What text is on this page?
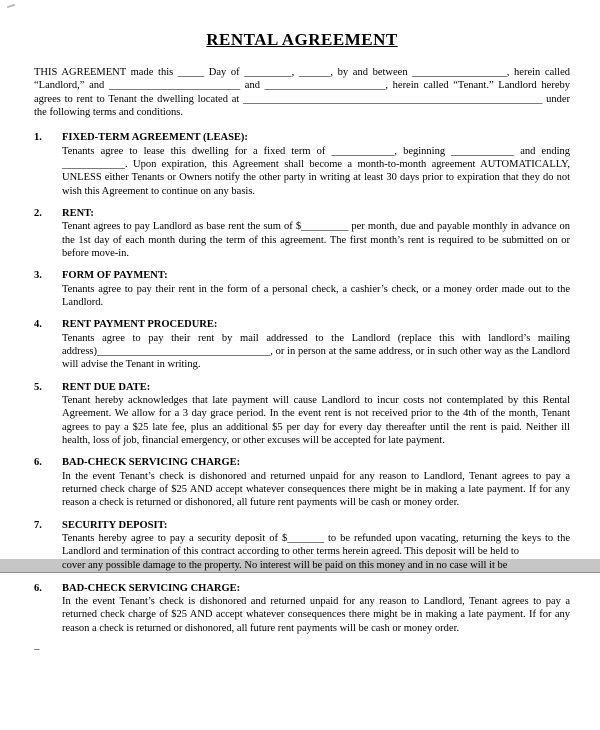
RENTAL AGREEMENT

THIS AGREEMENT made this _____ Day of _________, ______, by and between __________________, herein called “Landlord,” and _________________________ and _______________________, herein called “Tenant.” Landlord hereby agrees to rent to Tenant the dwelling located at _________________________________________________________ under the following terms and conditions.

1.	FIXED-TERM AGREEMENT (LEASE):
Tenants agree to lease this dwelling for a fixed term of ____________, beginning ____________ and ending ____________. Upon expiration, this Agreement shall become a month-to-month agreement AUTOMATICALLY, UNLESS either Tenants or Owners notify the other party in writing at least 30 days prior to expiration that they do not wish this Agreement to continue on any basis.
2.	RENT:
Tenant agrees to pay Landlord as base rent the sum of $_________ per month, due and payable monthly in advance on the 1st day of each month during the term of this agreement. The first month’s rent is required to be submitted on or before move-in.
3.	FORM OF PAYMENT:
Tenants agree to pay their rent in the form of a personal check, a cashier’s check, or a money order made out to the Landlord.
4.	RENT PAYMENT PROCEDURE:
Tenants agree to pay their rent by mail addressed to the Landlord (replace this with landlord’s mailing address)_________________________________, or in person at the same address, or in such other way as the Landlord will advise the Tenant in writing.
5.	RENT DUE DATE:
Tenant hereby acknowledges that late payment will cause Landlord to incur costs not contemplated by this Rental Agreement. We allow for a 3 day grace period. In the event rent is not received prior to the 4th of the month, Tenant agrees to pay a $25 late fee, plus an additional $5 per day for every day thereafter until the rent is paid. Neither ill health, loss of job, financial emergency, or other excuses will be accepted for late payment.
6.	BAD-CHECK SERVICING CHARGE:
In the event Tenant’s check is dishonored and returned unpaid for any reason to Landlord, Tenant agrees to pay a returned check charge of $25 AND accept whatever consequences there might be in making a late payment. If for any reason a check is returned or dishonored, all future rent payments will be cash or money order.
7.	SECURITY DEPOSIT:
Tenants hereby agree to pay a security deposit of $_______ to be refunded upon vacating, returning the keys to the Landlord and termination of this contract according to other terms herein agreed. This deposit will be held to
cover any possible damage to the property. No interest will be paid on this money and in no case will it be
6.	BAD-CHECK SERVICING CHARGE:
In the event Tenant’s check is dishonored and returned unpaid for any reason to Landlord, Tenant agrees to pay a returned check charge of $25 AND accept whatever consequences there might be in making a late payment. If for any reason a check is returned or dishonored, all future rent payments will be cash or money order.
–
